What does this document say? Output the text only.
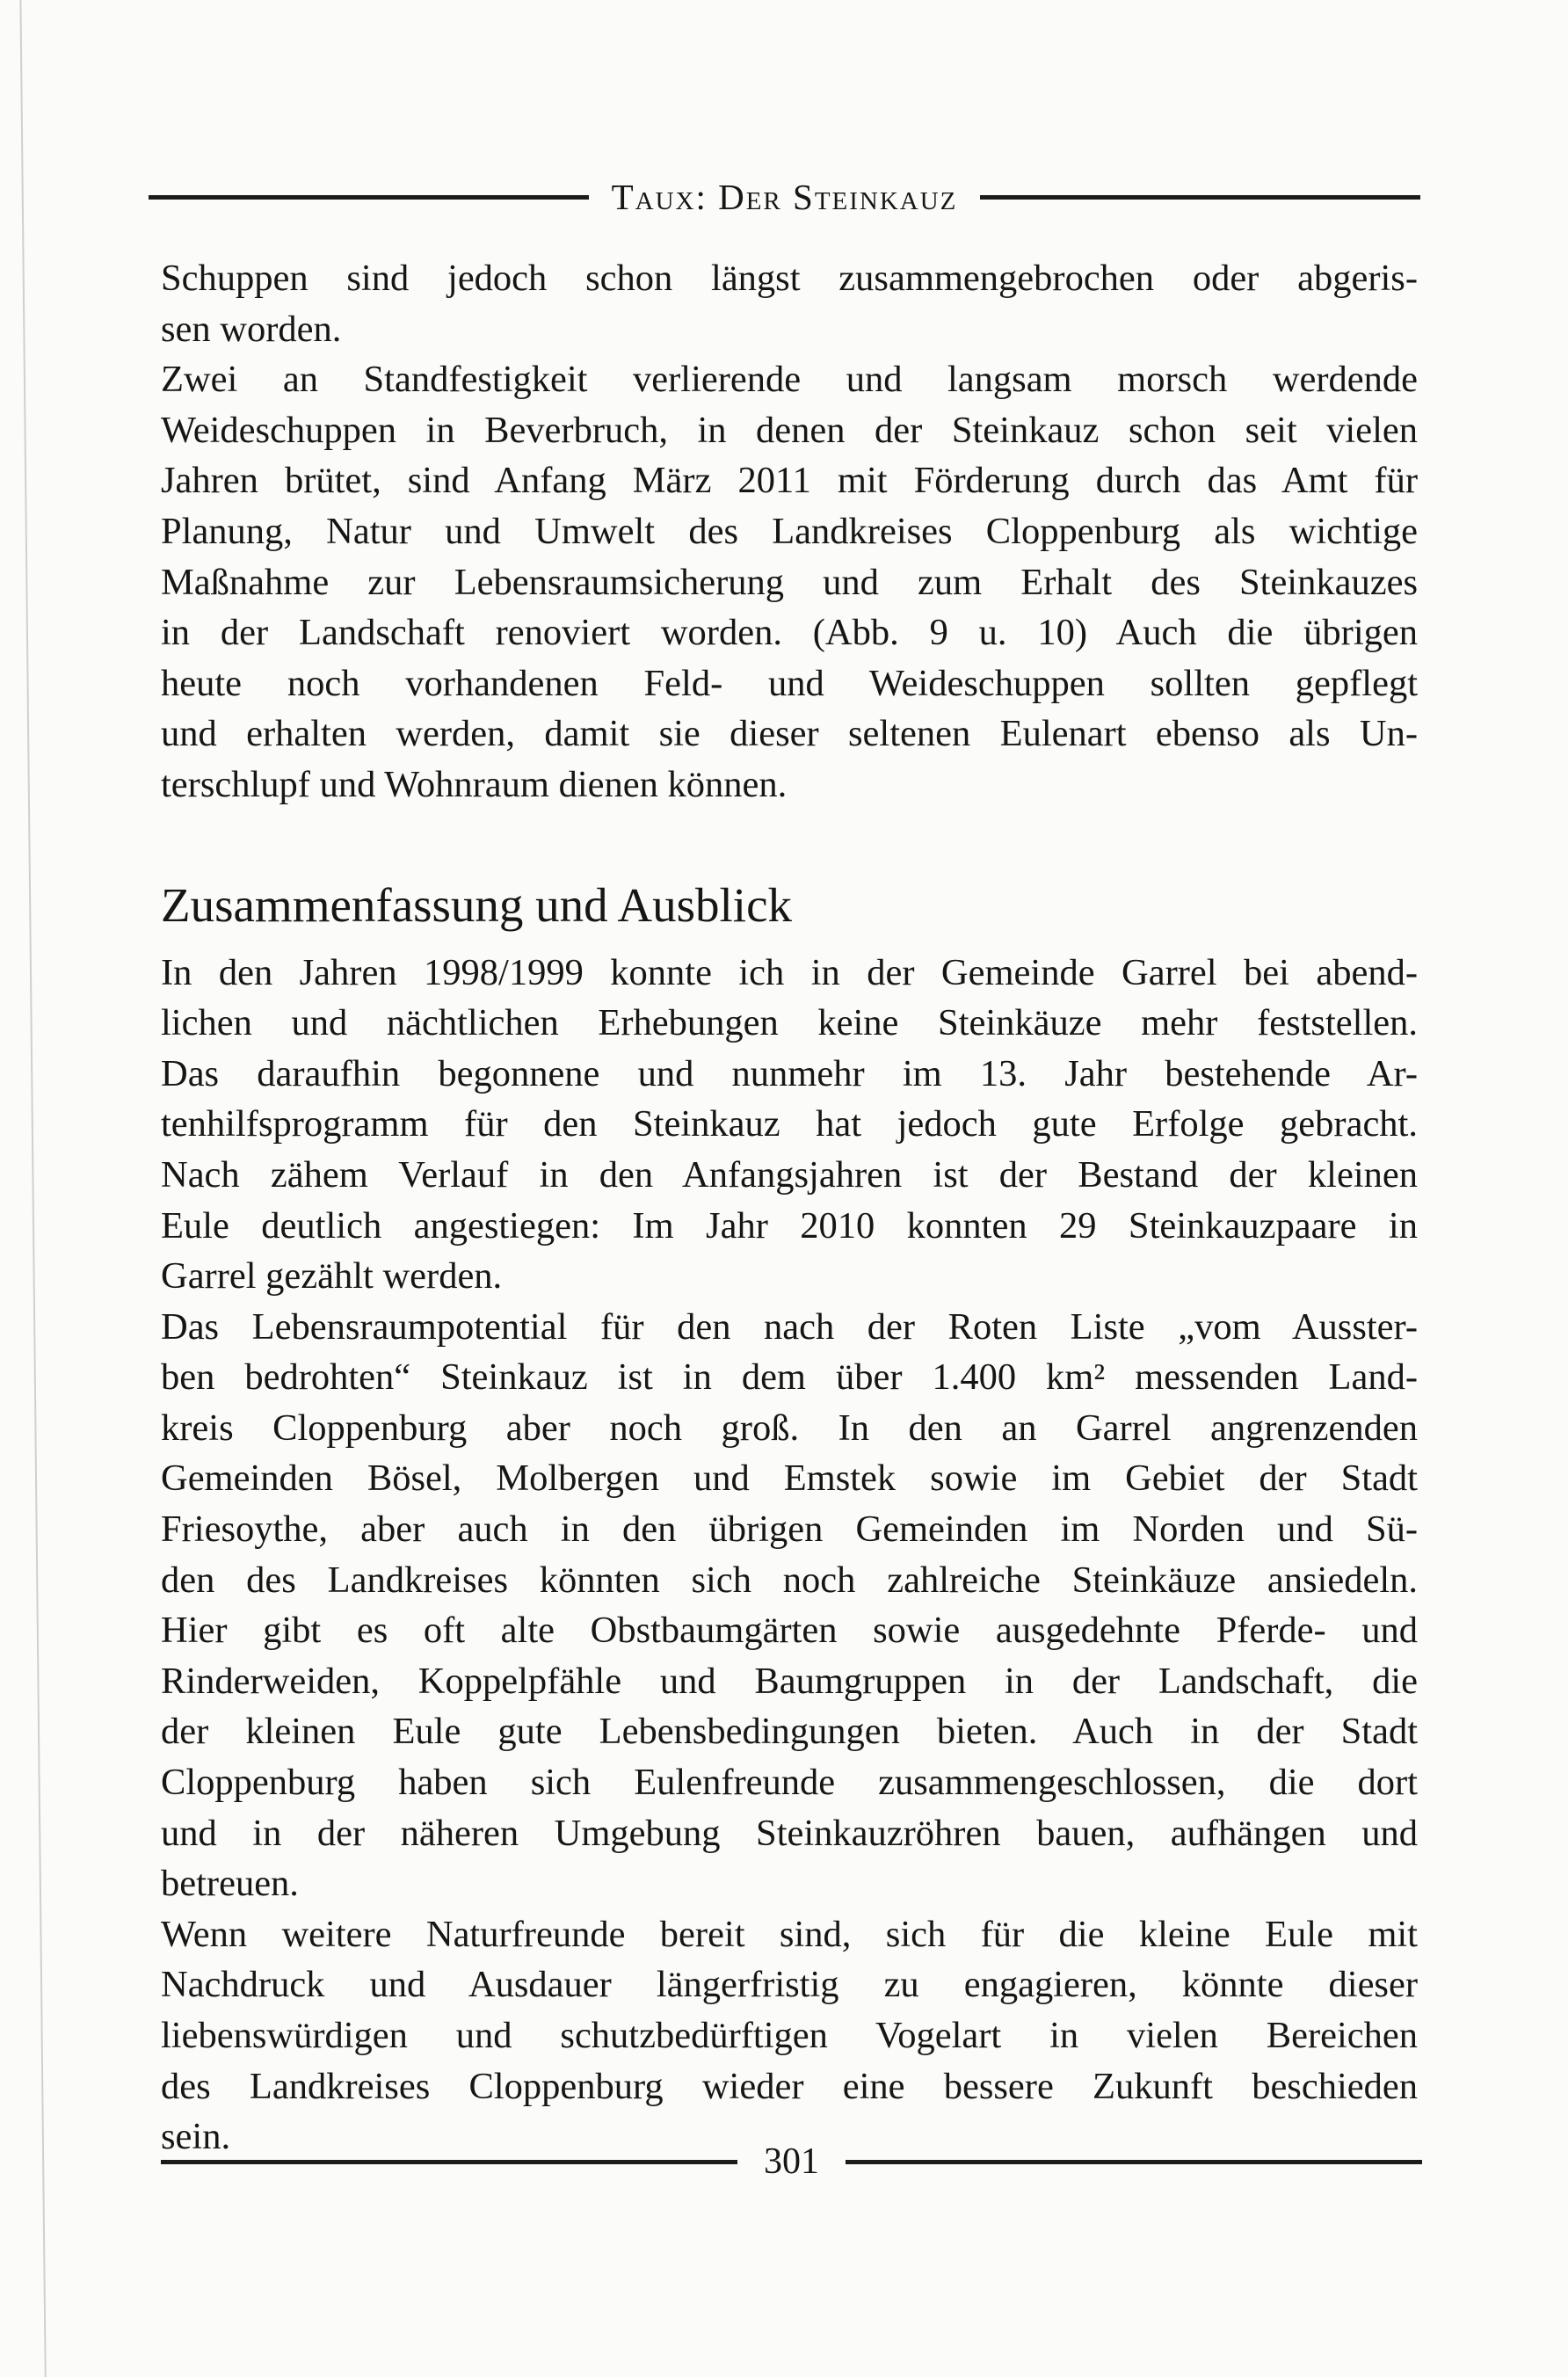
Taux: Der Steinkauz
Schuppen sind jedoch schon längst zusammengebrochen oder abgeris-
sen worden.
Zwei an Standfestigkeit verlierende und langsam morsch werdende
Weideschuppen in Beverbruch, in denen der Steinkauz schon seit vielen
Jahren brütet, sind Anfang März 2011 mit Förderung durch das Amt für
Planung, Natur und Umwelt des Landkreises Cloppenburg als wichtige
Maßnahme zur Lebensraumsicherung und zum Erhalt des Steinkauzes
in der Landschaft renoviert worden. (Abb. 9 u. 10) Auch die übrigen
heute noch vorhandenen Feld- und Weideschuppen sollten gepflegt
und erhalten werden, damit sie dieser seltenen Eulenart ebenso als Un-
terschlupf und Wohnraum dienen können.
Zusammenfassung und Ausblick
In den Jahren 1998/1999 konnte ich in der Gemeinde Garrel bei abend-
lichen und nächtlichen Erhebungen keine Steinkäuze mehr feststellen.
Das daraufhin begonnene und nunmehr im 13. Jahr bestehende Ar-
tenhilfsprogramm für den Steinkauz hat jedoch gute Erfolge gebracht.
Nach zähem Verlauf in den Anfangsjahren ist der Bestand der kleinen
Eule deutlich angestiegen: Im Jahr 2010 konnten 29 Steinkauzpaare in
Garrel gezählt werden.
Das Lebensraumpotential für den nach der Roten Liste „vom Ausster-
ben bedrohten“ Steinkauz ist in dem über 1.400 km² messenden Land-
kreis Cloppenburg aber noch groß. In den an Garrel angrenzenden
Gemeinden Bösel, Molbergen und Emstek sowie im Gebiet der Stadt
Friesoythe, aber auch in den übrigen Gemeinden im Norden und Sü-
den des Landkreises könnten sich noch zahlreiche Steinkäuze ansiedeln.
Hier gibt es oft alte Obstbaumgärten sowie ausgedehnte Pferde- und
Rinderweiden, Koppelpfähle und Baumgruppen in der Landschaft, die
der kleinen Eule gute Lebensbedingungen bieten. Auch in der Stadt
Cloppenburg haben sich Eulenfreunde zusammengeschlossen, die dort
und in der näheren Umgebung Steinkauzröhren bauen, aufhängen und
betreuen.
Wenn weitere Naturfreunde bereit sind, sich für die kleine Eule mit
Nachdruck und Ausdauer längerfristig zu engagieren, könnte dieser
liebenswürdigen und schutzbedürftigen Vogelart in vielen Bereichen
des Landkreises Cloppenburg wieder eine bessere Zukunft beschieden
sein.
301
